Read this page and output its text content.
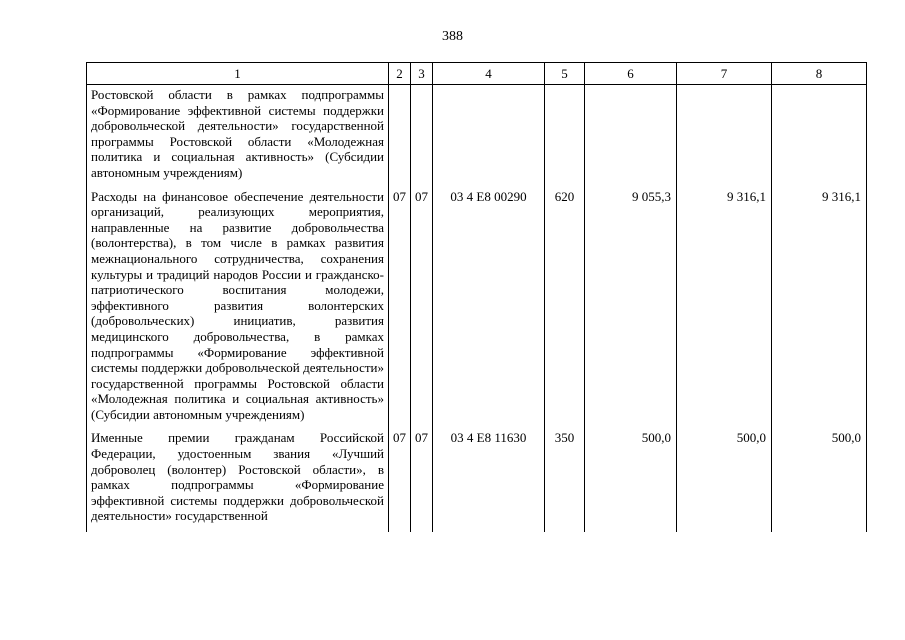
388
1	2	3	4	5	6	7	8
Ростовской области в рамках подпрограммы «Формирование эффективной системы поддержки добровольческой деятельности» государственной программы Ростовской области «Молодежная политика и социальная активность» (Субсидии автономным учреждениям)							
Расходы на финансовое обеспечение деятельности организаций, реализующих мероприятия, направленные на развитие добровольчества (волонтерства), в том числе в рамках развития межнационального сотрудничества, сохранения культуры и традиций народов России и гражданско-патриотического воспитания молодежи, эффективного развития волонтерских (добровольческих) инициатив, развития медицинского добровольчества, в рамках подпрограммы «Формирование эффективной системы поддержки добровольческой деятельности» государственной программы Ростовской области «Молодежная политика и социальная активность» (Субсидии автономным учреждениям)	07	07	03 4 E8 00290	620	9 055,3	9 316,1	9 316,1
Именные премии гражданам Российской Федерации, удостоенным звания «Лучший доброволец (волонтер) Ростовской области», в рамках подпрограммы «Формирование эффективной системы поддержки добровольческой деятельности» государственной	07	07	03 4 E8 11630	350	500,0	500,0	500,0
